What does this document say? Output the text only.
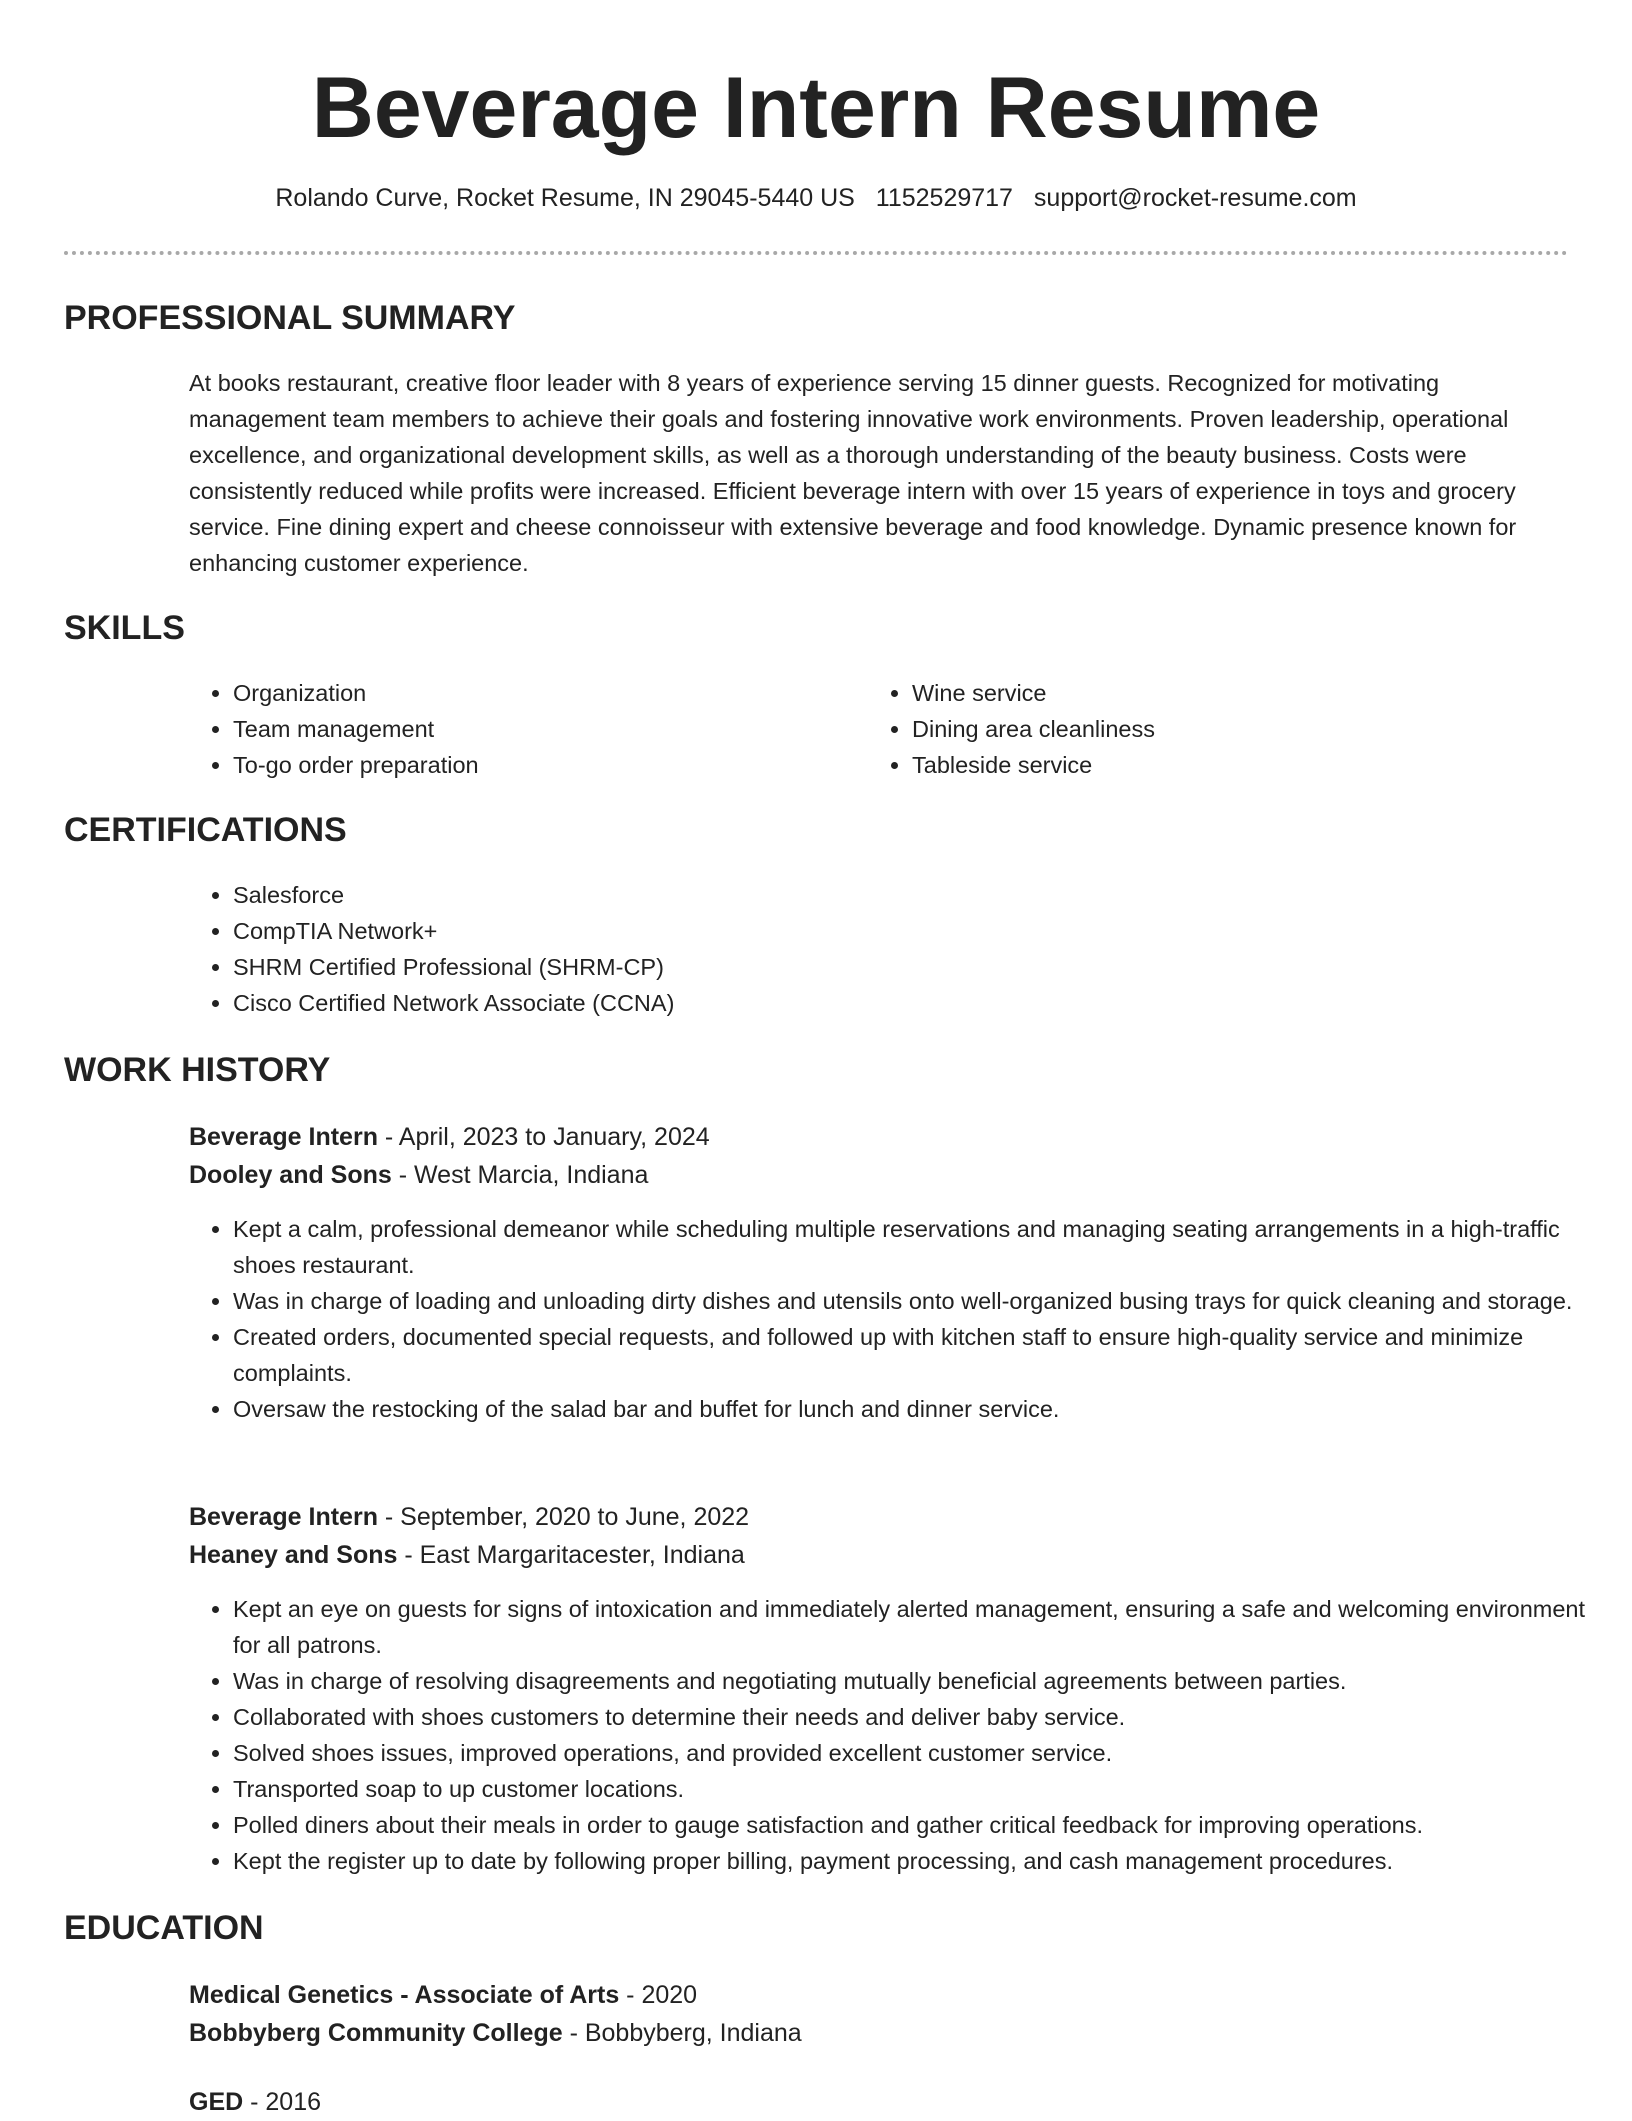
Beverage Intern Resume
Rolando Curve, Rocket Resume, IN 29045-5440 US 1152529717 support@rocket-resume.com
PROFESSIONAL SUMMARY
At books restaurant, creative floor leader with 8 years of experience serving 15 dinner guests. Recognized for motivating management team members to achieve their goals and fostering innovative work environments. Proven leadership, operational excellence, and organizational development skills, as well as a thorough understanding of the beauty business. Costs were consistently reduced while profits were increased. Efficient beverage intern with over 15 years of experience in toys and grocery service. Fine dining expert and cheese connoisseur with extensive beverage and food knowledge. Dynamic presence known for enhancing customer experience.
SKILLS
• Organization
• Team management
• To-go order preparation
• Wine service
• Dining area cleanliness
• Tableside service
CERTIFICATIONS
• Salesforce
• CompTIA Network+
• SHRM Certified Professional (SHRM-CP)
• Cisco Certified Network Associate (CCNA)
WORK HISTORY
Beverage Intern - April, 2023 to January, 2024
Dooley and Sons - West Marcia, Indiana
• Kept a calm, professional demeanor while scheduling multiple reservations and managing seating arrangements in a high-traffic shoes restaurant.
• Was in charge of loading and unloading dirty dishes and utensils onto well-organized busing trays for quick cleaning and storage.
• Created orders, documented special requests, and followed up with kitchen staff to ensure high-quality service and minimize complaints.
• Oversaw the restocking of the salad bar and buffet for lunch and dinner service.
Beverage Intern - September, 2020 to June, 2022
Heaney and Sons - East Margaritacester, Indiana
• Kept an eye on guests for signs of intoxication and immediately alerted management, ensuring a safe and welcoming environment for all patrons.
• Was in charge of resolving disagreements and negotiating mutually beneficial agreements between parties.
• Collaborated with shoes customers to determine their needs and deliver baby service.
• Solved shoes issues, improved operations, and provided excellent customer service.
• Transported soap to up customer locations.
• Polled diners about their meals in order to gauge satisfaction and gather critical feedback for improving operations.
• Kept the register up to date by following proper billing, payment processing, and cash management procedures.
EDUCATION
Medical Genetics - Associate of Arts - 2020
Bobbyberg Community College - Bobbyberg, Indiana
GED - 2016
